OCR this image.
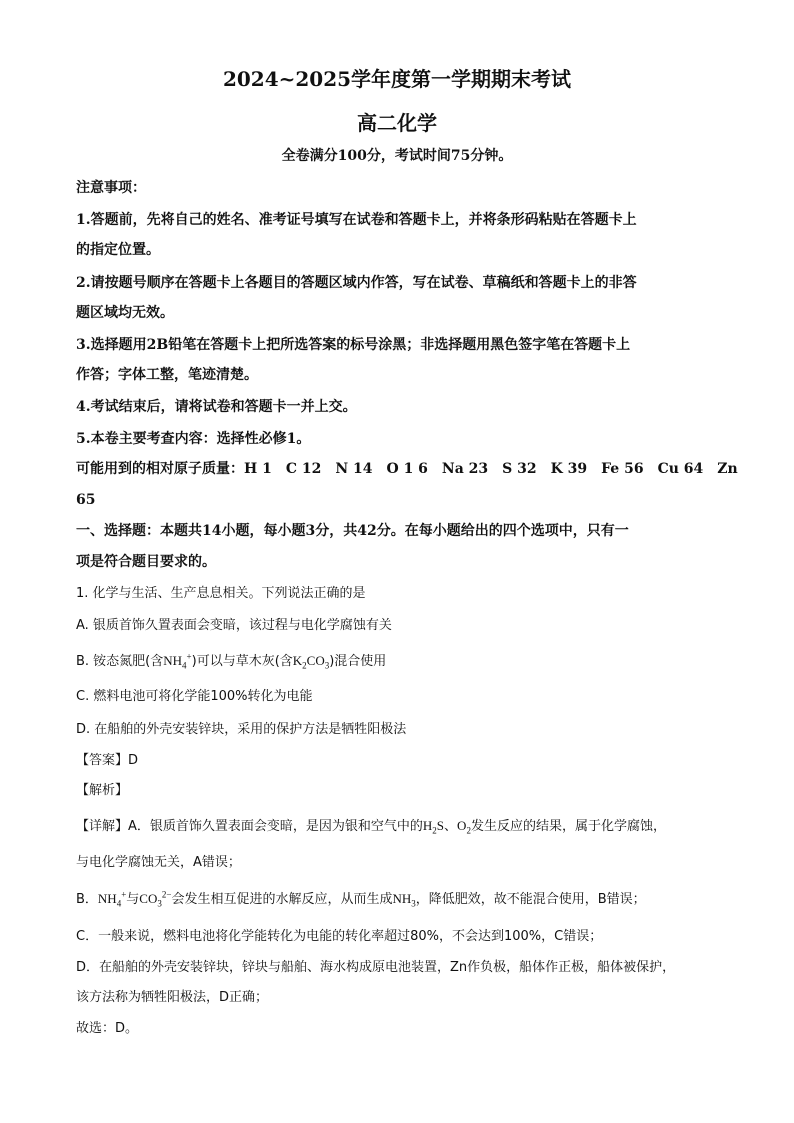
2024~2025学年度第一学期期末考试
高二化学
全卷满分100分，考试时间75分钟。
注意事项：
1.答题前，先将自己的姓名、准考证号填写在试卷和答题卡上，并将条形码粘贴在答题卡上
的指定位置。
2.请按题号顺序在答题卡上各题目的答题区域内作答，写在试卷、草稿纸和答题卡上的非答
题区域均无效。
3.选择题用2B铅笔在答题卡上把所选答案的标号涂黑；非选择题用黑色签字笔在答题卡上
作答；字体工整，笔迹清楚。
4.考试结束后，请将试卷和答题卡一并上交。
5.本卷主要考查内容：选择性必修1。
可能用到的相对原子质量：H 1　C 12　N 14　O 1 6　Na 23　S 32　K 39　Fe 56　Cu 64　Zn
65
一、选择题：本题共14小题，每小题3分，共42分。在每小题给出的四个选项中，只有一
项是符合题目要求的。
1. 化学与生活、生产息息相关。下列说法正确的是
A. 银质首饰久置表面会变暗，该过程与电化学腐蚀有关
B. 铵态氮肥(含$NH_4^+$)可以与草木灰(含$K_2CO_3$)混合使用
C. 燃料电池可将化学能100%转化为电能
D. 在船舶的外壳安装锌块，采用的保护方法是牺牲阳极法
【答案】D
【解析】
【详解】A．银质首饰久置表面会变暗，是因为银和空气中的$H_2S$、$O_2$发生反应的结果，属于化学腐蚀，
与电化学腐蚀无关，A错误；
B．$NH_4^+$与$CO_3^{2-}$会发生相互促进的水解反应，从而生成$NH_3$，降低肥效，故不能混合使用，B错误；
C．一般来说，燃料电池将化学能转化为电能的转化率超过80%，不会达到100%，C错误；
D．在船舶的外壳安装锌块，锌块与船舶、海水构成原电池装置，Zn作负极，船体作正极，船体被保护，
该方法称为牺牲阳极法，D正确；
故选：D。
